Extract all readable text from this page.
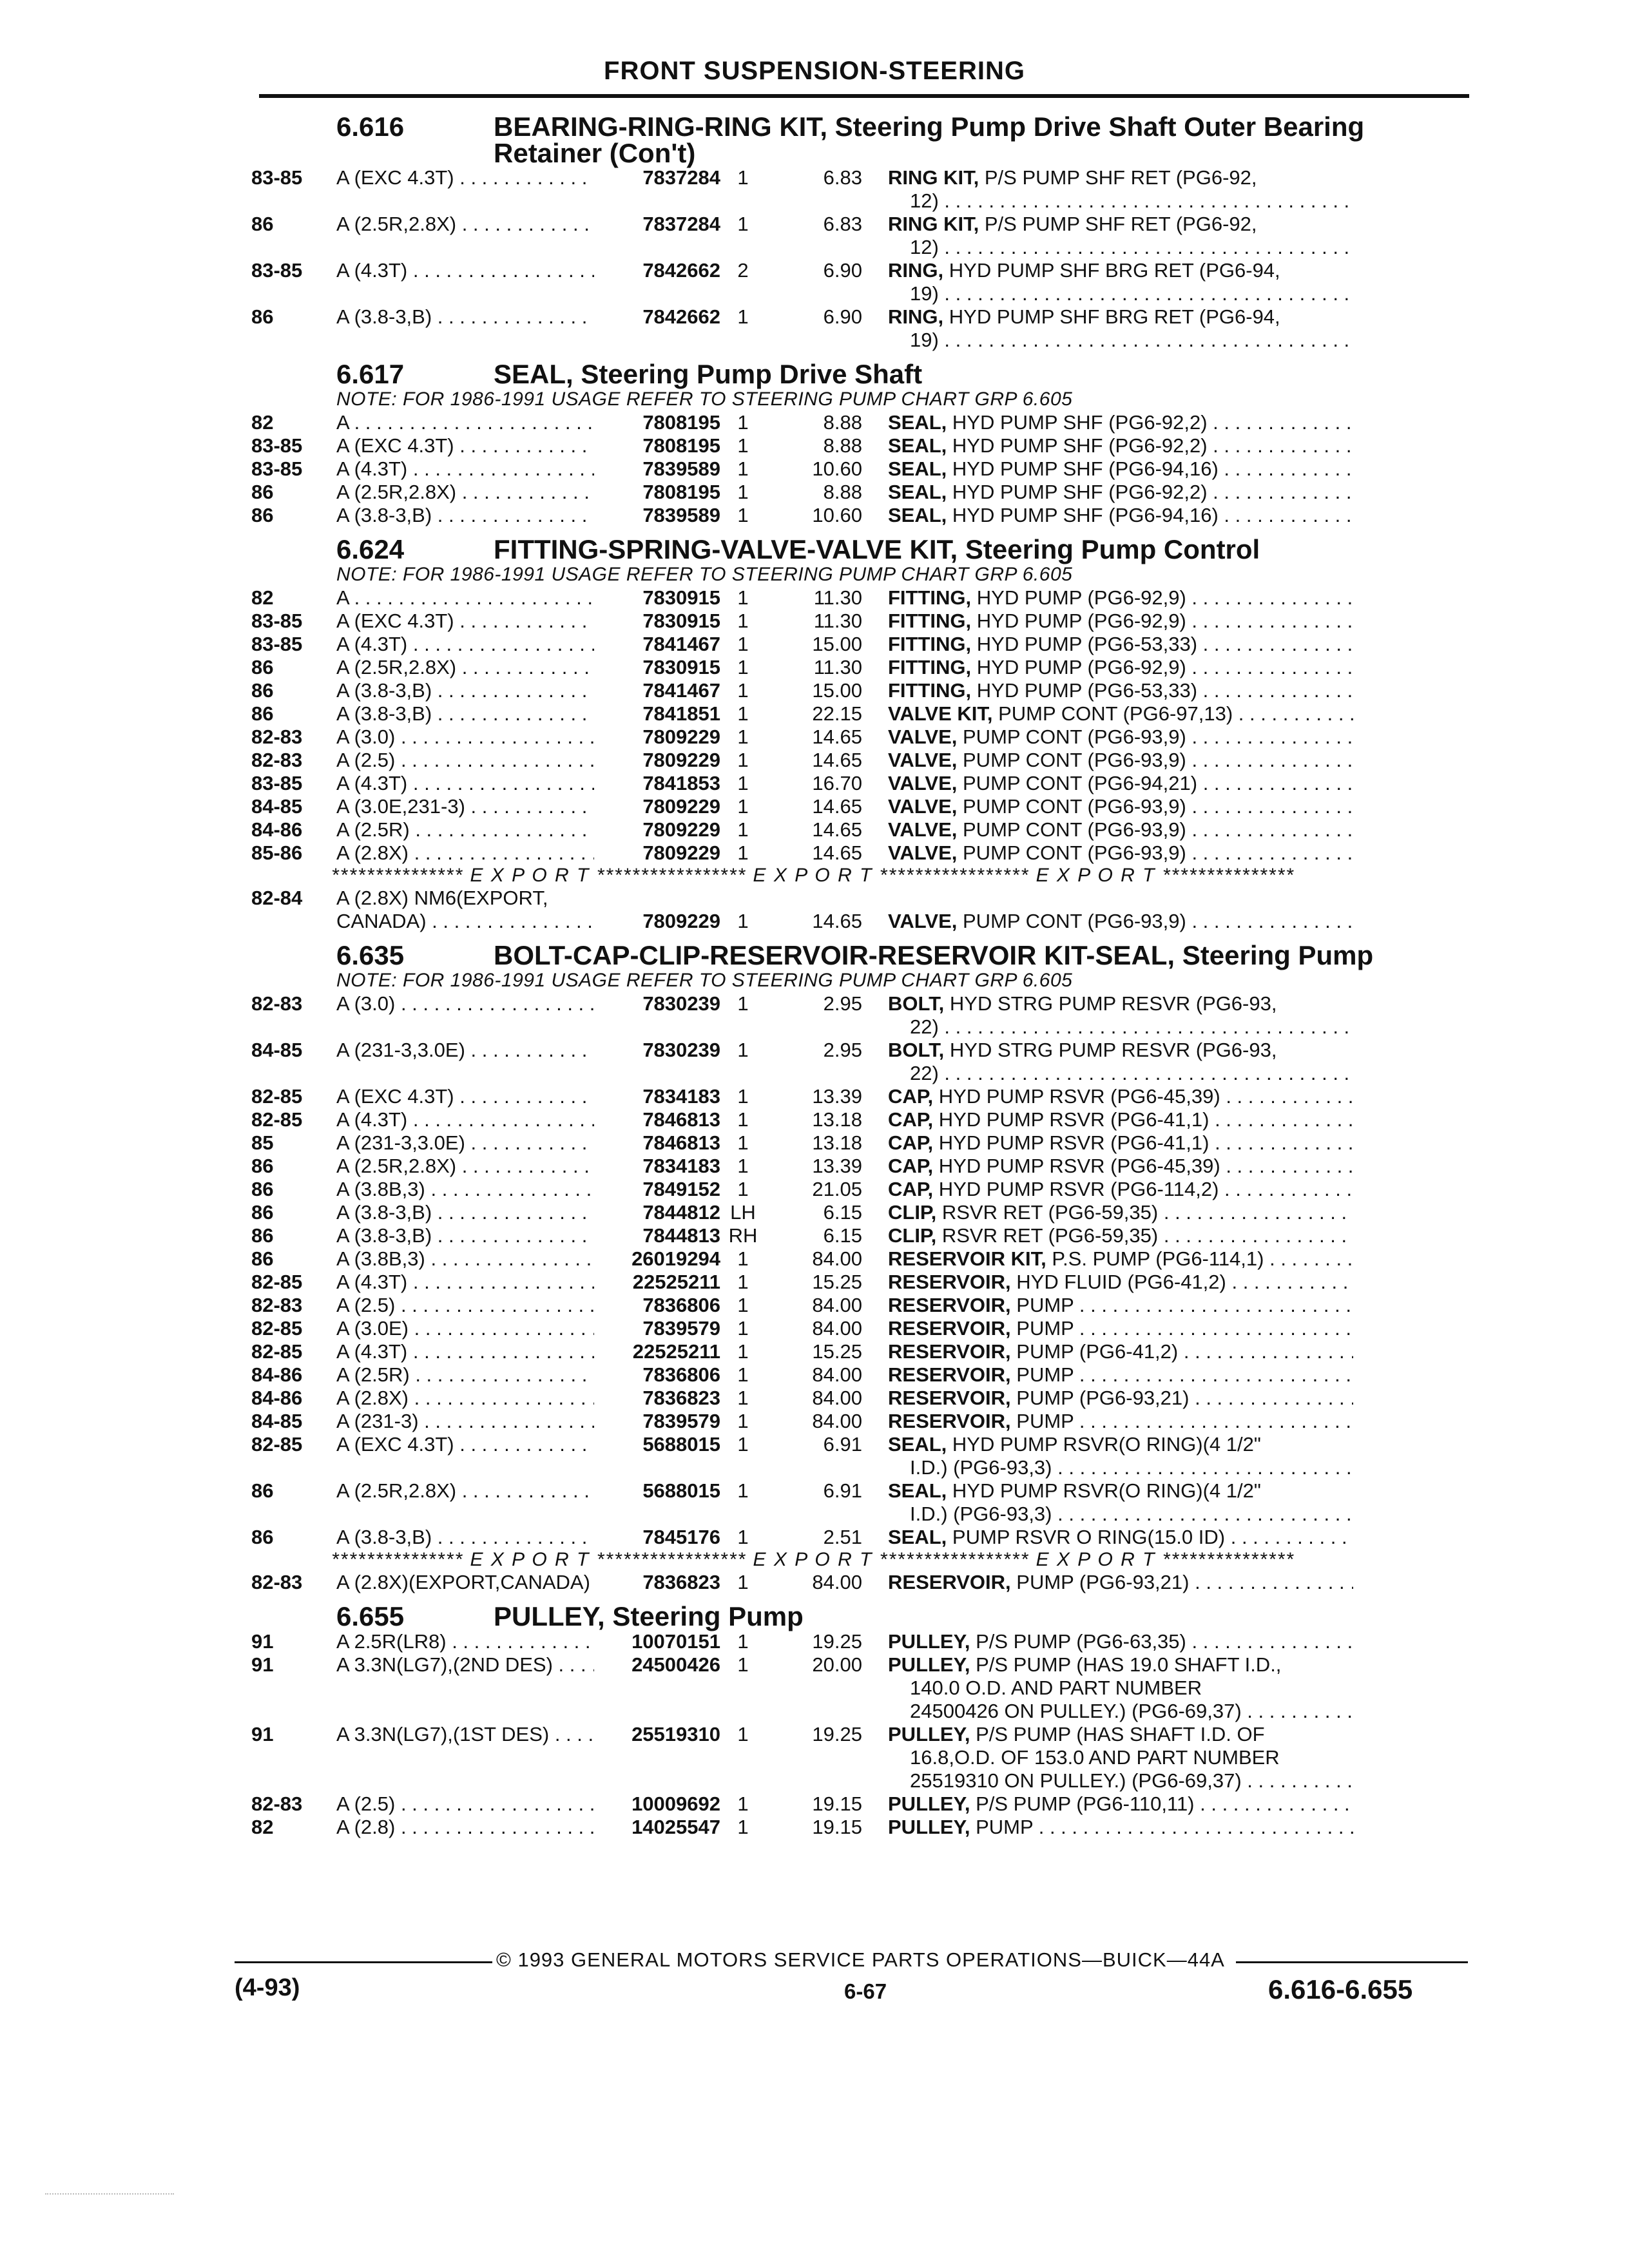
FRONT SUSPENSION-STEERING
6.616	BEARING-RING-RING KIT, Steering Pump Drive Shaft Outer Bearing
Retainer (Con't)
83-85	A (EXC 4.3T) . . .	7837284 1	6.83	RING KIT, P/S PUMP SHF RET (PG6-92,
12) . . .
86	A (2.5R,2.8X) . . .	7837284 1	6.83	RING KIT, P/S PUMP SHF RET (PG6-92,
12) . . .
83-85	A (4.3T) . . .	7842662 2	6.90	RING, HYD PUMP SHF BRG RET (PG6-94,
19) . . .
86	A (3.8-3,B) . . .	7842662 1	6.90	RING, HYD PUMP SHF BRG RET (PG6-94,
19) . . .
6.617	SEAL, Steering Pump Drive Shaft
NOTE: FOR 1986-1991 USAGE REFER TO STEERING PUMP CHART GRP 6.605
82	A . . .	7808195 1	8.88	SEAL, HYD PUMP SHF (PG6-92,2) . . .
83-85	A (EXC 4.3T) . . .	7808195 1	8.88	SEAL, HYD PUMP SHF (PG6-92,2) . . .
83-85	A (4.3T) . . .	7839589 1	10.60	SEAL, HYD PUMP SHF (PG6-94,16) . . .
86	A (2.5R,2.8X) . . .	7808195 1	8.88	SEAL, HYD PUMP SHF (PG6-92,2) . . .
86	A (3.8-3,B) . . .	7839589 1	10.60	SEAL, HYD PUMP SHF (PG6-94,16) . . .
6.624	FITTING-SPRING-VALVE-VALVE KIT, Steering Pump Control
NOTE: FOR 1986-1991 USAGE REFER TO STEERING PUMP CHART GRP 6.605
82	A . . .	7830915 1	11.30	FITTING, HYD PUMP (PG6-92,9) . . .
83-85	A (EXC 4.3T) . . .	7830915 1	11.30	FITTING, HYD PUMP (PG6-92,9) . . .
83-85	A (4.3T) . . .	7841467 1	15.00	FITTING, HYD PUMP (PG6-53,33) . . .
86	A (2.5R,2.8X) . . .	7830915 1	11.30	FITTING, HYD PUMP (PG6-92,9) . . .
86	A (3.8-3,B) . . .	7841467 1	15.00	FITTING, HYD PUMP (PG6-53,33) . . .
86	A (3.8-3,B) . . .	7841851 1	22.15	VALVE KIT, PUMP CONT (PG6-97,13) . . .
82-83	A (3.0) . . .	7809229 1	14.65	VALVE, PUMP CONT (PG6-93,9) . . .
82-83	A (2.5) . . .	7809229 1	14.65	VALVE, PUMP CONT (PG6-93,9) . . .
83-85	A (4.3T) . . .	7841853 1	16.70	VALVE, PUMP CONT (PG6-94,21) . . .
84-85	A (3.0E,231-3) . . .	7809229 1	14.65	VALVE, PUMP CONT (PG6-93,9) . . .
84-86	A (2.5R) . . .	7809229 1	14.65	VALVE, PUMP CONT (PG6-93,9) . . .
85-86	A (2.8X) . . .	7809229 1	14.65	VALVE, PUMP CONT (PG6-93,9) . . .
*************** E X P O R T ***************** E X P O R T ***************** E X P O R T ***************
82-84	A (2.8X) NM6(EXPORT,
CANADA) . . .	7809229 1	14.65	VALVE, PUMP CONT (PG6-93,9) . . .
6.635	BOLT-CAP-CLIP-RESERVOIR-RESERVOIR KIT-SEAL, Steering Pump
NOTE: FOR 1986-1991 USAGE REFER TO STEERING PUMP CHART GRP 6.605
82-83	A (3.0) . . .	7830239 1	2.95	BOLT, HYD STRG PUMP RESVR (PG6-93,
22) . . .
84-85	A (231-3,3.0E) . . .	7830239 1	2.95	BOLT, HYD STRG PUMP RESVR (PG6-93,
22) . . .
82-85	A (EXC 4.3T) . . .	7834183 1	13.39	CAP, HYD PUMP RSVR (PG6-45,39) . . .
82-85	A (4.3T) . . .	7846813 1	13.18	CAP, HYD PUMP RSVR (PG6-41,1) . . .
85	A (231-3,3.0E) . . .	7846813 1	13.18	CAP, HYD PUMP RSVR (PG6-41,1) . . .
86	A (2.5R,2.8X) . . .	7834183 1	13.39	CAP, HYD PUMP RSVR (PG6-45,39) . . .
86	A (3.8B,3) . . .	7849152 1	21.05	CAP, HYD PUMP RSVR (PG6-114,2) . . .
86	A (3.8-3,B) . . .	7844812 LH	6.15	CLIP, RSVR RET (PG6-59,35) . . .
86	A (3.8-3,B) . . .	7844813 RH	6.15	CLIP, RSVR RET (PG6-59,35) . . .
86	A (3.8B,3) . . .	26019294 1	84.00	RESERVOIR KIT, P.S. PUMP (PG6-114,1) . . .
82-85	A (4.3T) . . .	22525211 1	15.25	RESERVOIR, HYD FLUID (PG6-41,2) . . .
82-83	A (2.5) . . .	7836806 1	84.00	RESERVOIR, PUMP . . .
82-85	A (3.0E) . . .	7839579 1	84.00	RESERVOIR, PUMP . . .
82-85	A (4.3T) . . .	22525211 1	15.25	RESERVOIR, PUMP (PG6-41,2) . . .
84-86	A (2.5R) . . .	7836806 1	84.00	RESERVOIR, PUMP . . .
84-86	A (2.8X) . . .	7836823 1	84.00	RESERVOIR, PUMP (PG6-93,21) . . .
84-85	A (231-3) . . .	7839579 1	84.00	RESERVOIR, PUMP . . .
82-85	A (EXC 4.3T) . . .	5688015 1	6.91	SEAL, HYD PUMP RSVR(O RING)(4 1/2"
I.D.) (PG6-93,3) . . .
86	A (2.5R,2.8X) . . .	5688015 1	6.91	SEAL, HYD PUMP RSVR(O RING)(4 1/2"
I.D.) (PG6-93,3) . . .
86	A (3.8-3,B) . . .	7845176 1	2.51	SEAL, PUMP RSVR O RING(15.0 ID) . . .
*************** E X P O R T ***************** E X P O R T ***************** E X P O R T ***************
82-83	A (2.8X)(EXPORT,CANADA) . . .	7836823 1	84.00	RESERVOIR, PUMP (PG6-93,21) . . .
6.655	PULLEY, Steering Pump
91	A 2.5R(LR8) . . .	10070151 1	19.25	PULLEY, P/S PUMP (PG6-63,35) . . .
91	A 3.3N(LG7),(2ND DES) . . .	24500426 1	20.00	PULLEY, P/S PUMP (HAS 19.0 SHAFT I.D.,
140.0 O.D. AND PART NUMBER
24500426 ON PULLEY.) (PG6-69,37) . . .
91	A 3.3N(LG7),(1ST DES) . . .	25519310 1	19.25	PULLEY, P/S PUMP (HAS SHAFT I.D. OF
16.8,O.D. OF 153.0 AND PART NUMBER
25519310 ON PULLEY.) (PG6-69,37) . . .
82-83	A (2.5) . . .	10009692 1	19.15	PULLEY, P/S PUMP (PG6-110,11) . . .
82	A (2.8) . . .	14025547 1	19.15	PULLEY, PUMP . . .
© 1993 GENERAL MOTORS SERVICE PARTS OPERATIONS—BUICK—44A
(4-93)	6-67	6.616-6.655
